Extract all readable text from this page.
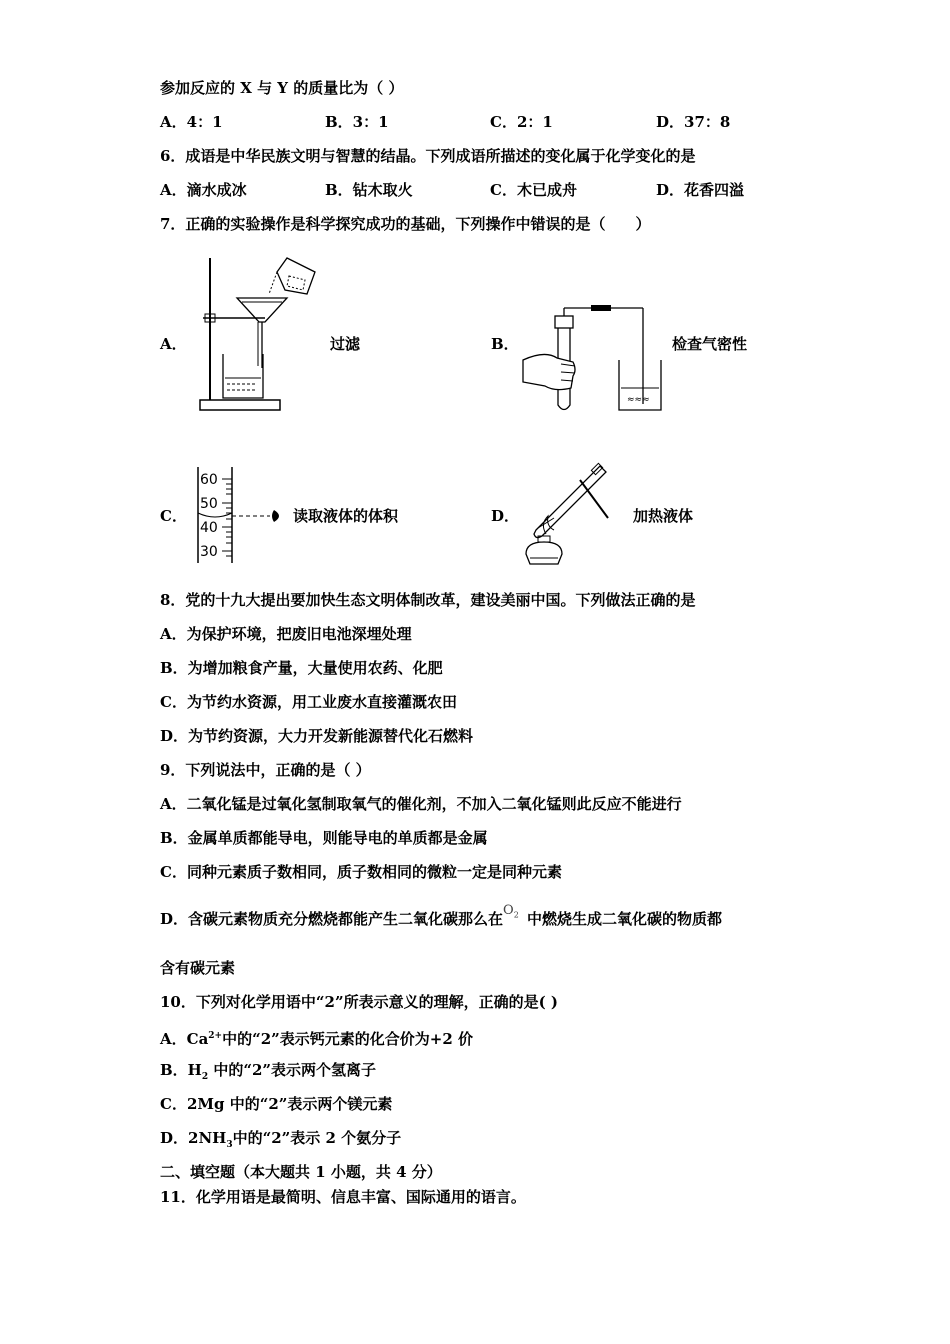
参加反应的 X 与 Y 的质量比为（ ）
A．4：1	B．3：1	C．2：1	D．37：8
6．成语是中华民族文明与智慧的结晶。下列成语所描述的变化属于化学变化的是
A．滴水成冰	B．钻木取火	C．木已成舟	D．花香四溢
7．正确的实验操作是科学探究成功的基础，下列操作中错误的是（　　）
A．	过滤	B．
≈≈≈
检查气密性
C．
60
50
40
30
读取液体的体积	D．	加热液体
8．党的十九大提出要加快生态文明体制改革，建设美丽中国。下列做法正确的是
A．为保护环境，把废旧电池深埋处理
B．为增加粮食产量，大量使用农药、化肥
C．为节约水资源，用工业废水直接灌溉农田
D．为节约资源，大力开发新能源替代化石燃料
9．下列说法中，正确的是（ ）
A．二氧化锰是过氧化氢制取氧气的催化剂，不加入二氧化锰则此反应不能进行
B．金属单质都能导电，则能导电的单质都是金属
C．同种元素质子数相同，质子数相同的微粒一定是同种元素
D．含碳元素物质充分燃烧都能产生二氧化碳那么在$O_2$ 中燃烧生成二氧化碳的物质都
含有碳元素
10．下列对化学用语中“2”所表示意义的理解，正确的是( )
A．$Ca^{2+}$中的“2”表示钙元素的化合价为+2 价
B．$H_2$ 中的“2”表示两个氢离子
C．2Mg 中的“2”表示两个镁元素
D．$2NH_3$中的“2”表示 2 个氨分子
二、填空题（本大题共 1 小题，共 4 分）
11．化学用语是最简明、信息丰富、国际通用的语言。
